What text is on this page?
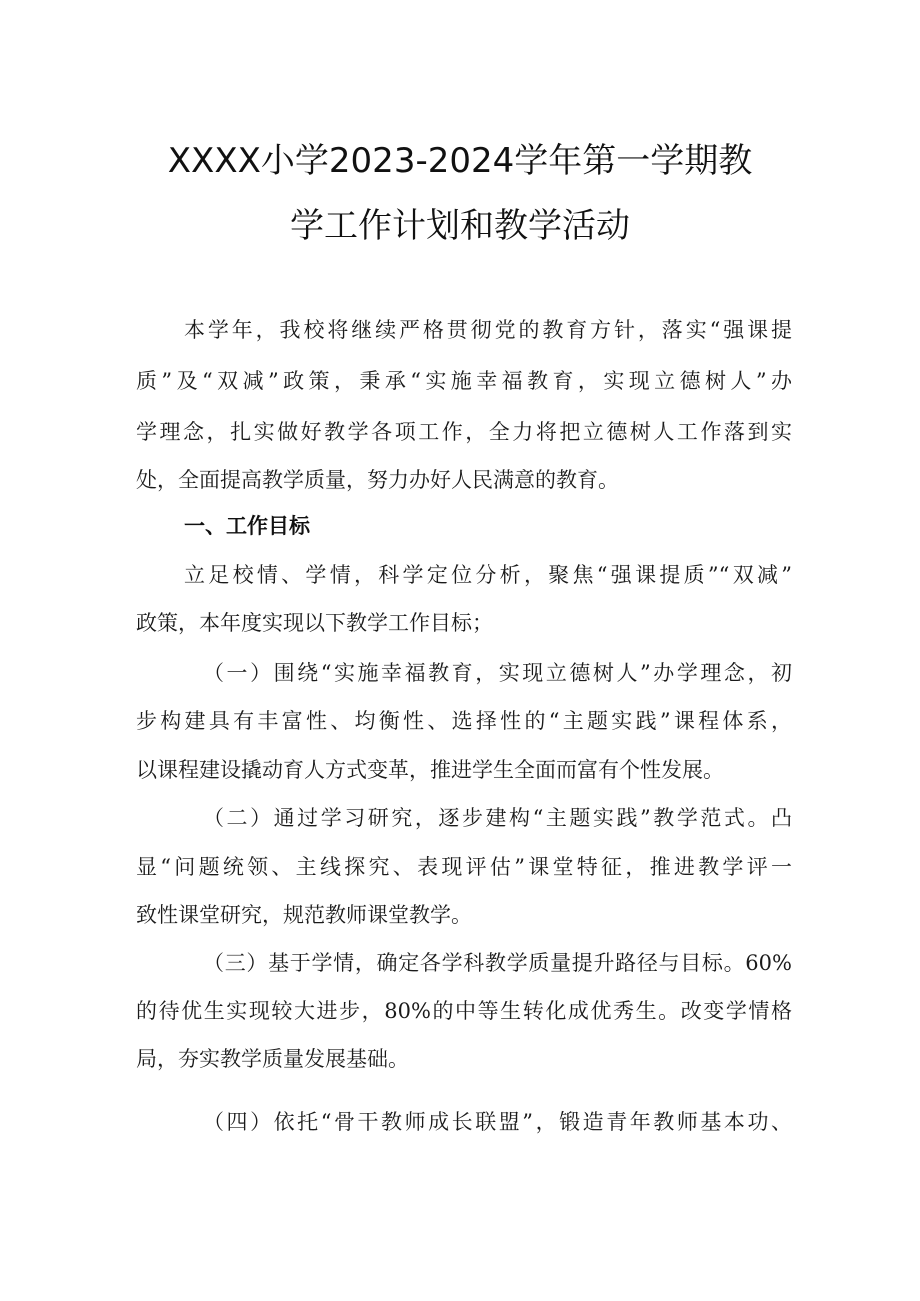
XXXX小学2023-2024学年第一学期教
学工作计划和教学活动
本学年，我校将继续严格贯彻党的教育方针，落实“强课提
质”及“双减”政策，秉承“实施幸福教育，实现立德树人”办
学理念，扎实做好教学各项工作，全力将把立德树人工作落到实
处，全面提高教学质量，努力办好人民满意的教育。
一、工作目标
立足校情、学情，科学定位分析，聚焦“强课提质”“双减”
政策，本年度实现以下教学工作目标；
（一）围绕“实施幸福教育，实现立德树人”办学理念，初
步构建具有丰富性、均衡性、选择性的“主题实践”课程体系，
以课程建设撬动育人方式变革，推进学生全面而富有个性发展。
（二）通过学习研究，逐步建构“主题实践”教学范式。凸
显“问题统领、主线探究、表现评估”课堂特征，推进教学评一
致性课堂研究，规范教师课堂教学。
（三）基于学情，确定各学科教学质量提升路径与目标。60%
的待优生实现较大进步，80%的中等生转化成优秀生。改变学情格
局，夯实教学质量发展基础。
（四）依托“骨干教师成长联盟”，锻造青年教师基本功、
